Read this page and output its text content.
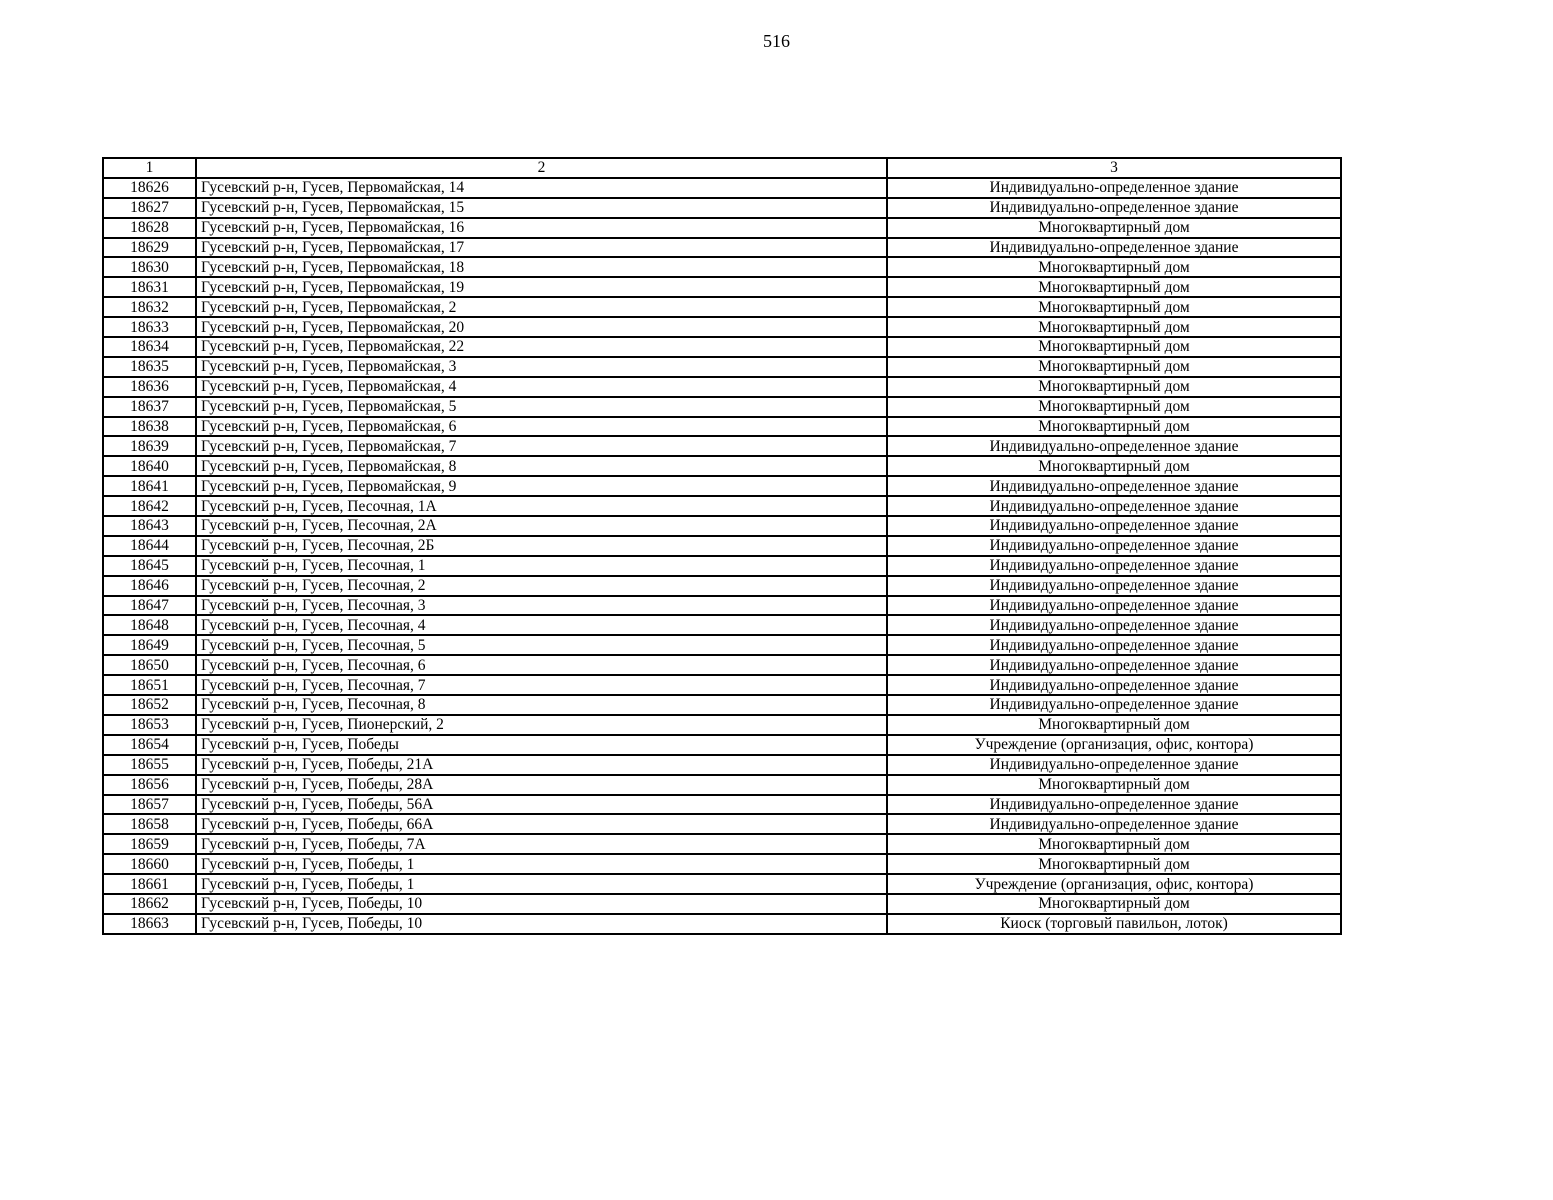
516
1	2	3
18626	Гусевский р-н, Гусев, Первомайская, 14	Индивидуально-определенное здание
18627	Гусевский р-н, Гусев, Первомайская, 15	Индивидуально-определенное здание
18628	Гусевский р-н, Гусев, Первомайская, 16	Многоквартирный дом
18629	Гусевский р-н, Гусев, Первомайская, 17	Индивидуально-определенное здание
18630	Гусевский р-н, Гусев, Первомайская, 18	Многоквартирный дом
18631	Гусевский р-н, Гусев, Первомайская, 19	Многоквартирный дом
18632	Гусевский р-н, Гусев, Первомайская, 2	Многоквартирный дом
18633	Гусевский р-н, Гусев, Первомайская, 20	Многоквартирный дом
18634	Гусевский р-н, Гусев, Первомайская, 22	Многоквартирный дом
18635	Гусевский р-н, Гусев, Первомайская, 3	Многоквартирный дом
18636	Гусевский р-н, Гусев, Первомайская, 4	Многоквартирный дом
18637	Гусевский р-н, Гусев, Первомайская, 5	Многоквартирный дом
18638	Гусевский р-н, Гусев, Первомайская, 6	Многоквартирный дом
18639	Гусевский р-н, Гусев, Первомайская, 7	Индивидуально-определенное здание
18640	Гусевский р-н, Гусев, Первомайская, 8	Многоквартирный дом
18641	Гусевский р-н, Гусев, Первомайская, 9	Индивидуально-определенное здание
18642	Гусевский р-н, Гусев, Песочная, 1А	Индивидуально-определенное здание
18643	Гусевский р-н, Гусев, Песочная, 2А	Индивидуально-определенное здание
18644	Гусевский р-н, Гусев, Песочная, 2Б	Индивидуально-определенное здание
18645	Гусевский р-н, Гусев, Песочная, 1	Индивидуально-определенное здание
18646	Гусевский р-н, Гусев, Песочная, 2	Индивидуально-определенное здание
18647	Гусевский р-н, Гусев, Песочная, 3	Индивидуально-определенное здание
18648	Гусевский р-н, Гусев, Песочная, 4	Индивидуально-определенное здание
18649	Гусевский р-н, Гусев, Песочная, 5	Индивидуально-определенное здание
18650	Гусевский р-н, Гусев, Песочная, 6	Индивидуально-определенное здание
18651	Гусевский р-н, Гусев, Песочная, 7	Индивидуально-определенное здание
18652	Гусевский р-н, Гусев, Песочная, 8	Индивидуально-определенное здание
18653	Гусевский р-н, Гусев, Пионерский, 2	Многоквартирный дом
18654	Гусевский р-н, Гусев, Победы	Учреждение (организация, офис, контора)
18655	Гусевский р-н, Гусев, Победы, 21А	Индивидуально-определенное здание
18656	Гусевский р-н, Гусев, Победы, 28А	Многоквартирный дом
18657	Гусевский р-н, Гусев, Победы, 56А	Индивидуально-определенное здание
18658	Гусевский р-н, Гусев, Победы, 66А	Индивидуально-определенное здание
18659	Гусевский р-н, Гусев, Победы, 7А	Многоквартирный дом
18660	Гусевский р-н, Гусев, Победы, 1	Многоквартирный дом
18661	Гусевский р-н, Гусев, Победы, 1	Учреждение (организация, офис, контора)
18662	Гусевский р-н, Гусев, Победы, 10	Многоквартирный дом
18663	Гусевский р-н, Гусев, Победы, 10	Киоск (торговый павильон, лоток)
